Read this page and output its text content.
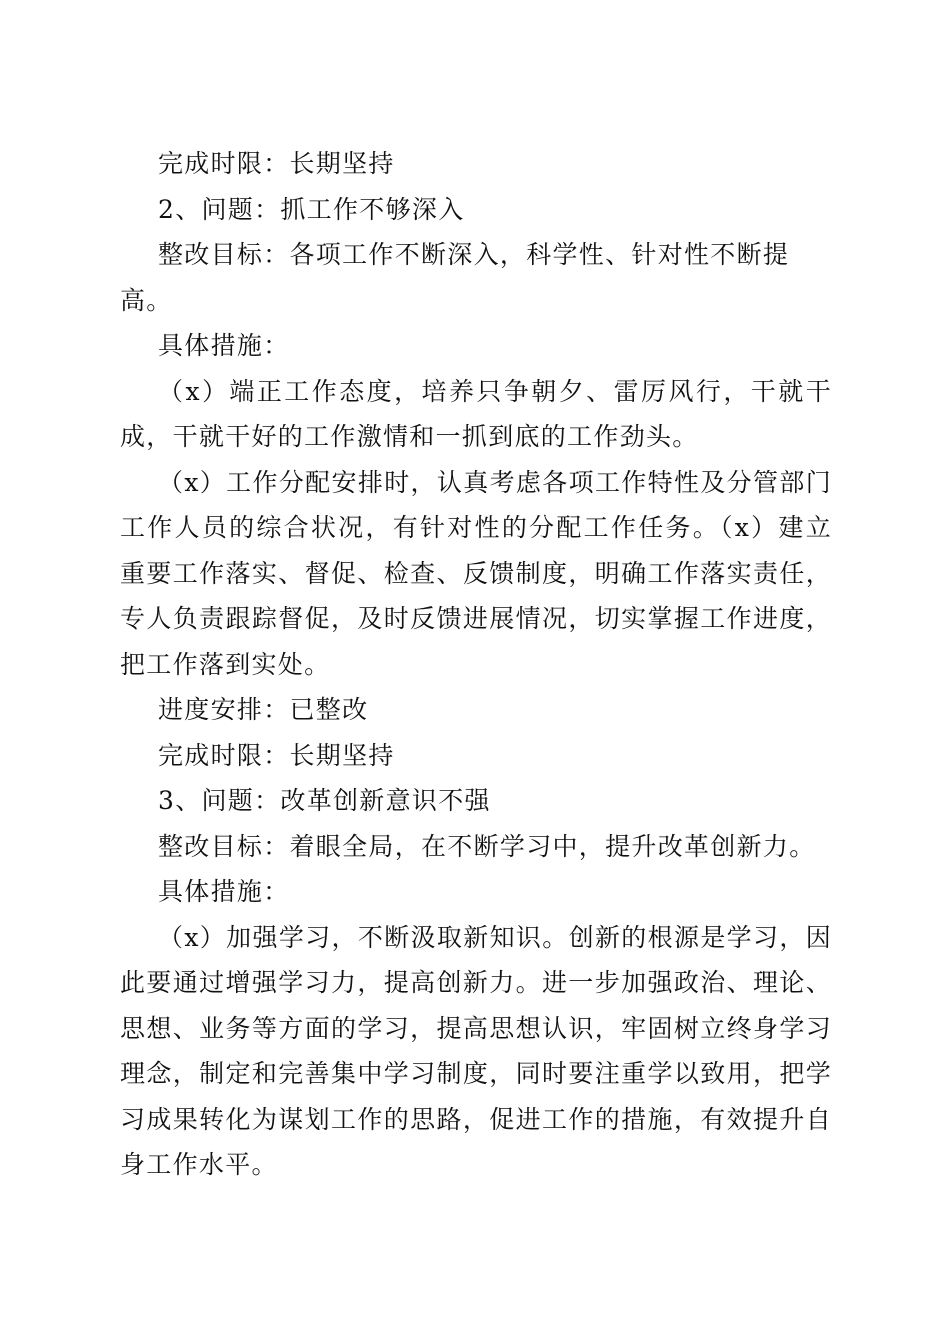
完成时限：长期坚持

2、问题：抓工作不够深入

整改目标：各项工作不断深入，科学性、针对性不断提高。

具体措施：

（x）端正工作态度，培养只争朝夕、雷厉风行，干就干成，干就干好的工作激情和一抓到底的工作劲头。

（x）工作分配安排时，认真考虑各项工作特性及分管部门工作人员的综合状况，有针对性的分配工作任务。（x）建立重要工作落实、督促、检查、反馈制度，明确工作落实责任，专人负责跟踪督促，及时反馈进展情况，切实掌握工作进度，把工作落到实处。

进度安排：已整改

完成时限：长期坚持

3、问题：改革创新意识不强

整改目标：着眼全局，在不断学习中，提升改革创新力。

具体措施：

（x）加强学习，不断汲取新知识。创新的根源是学习，因此要通过增强学习力，提高创新力。进一步加强政治、理论、思想、业务等方面的学习，提高思想认识，牢固树立终身学习理念，制定和完善集中学习制度，同时要注重学以致用，把学习成果转化为谋划工作的思路，促进工作的措施，有效提升自身工作水平。
